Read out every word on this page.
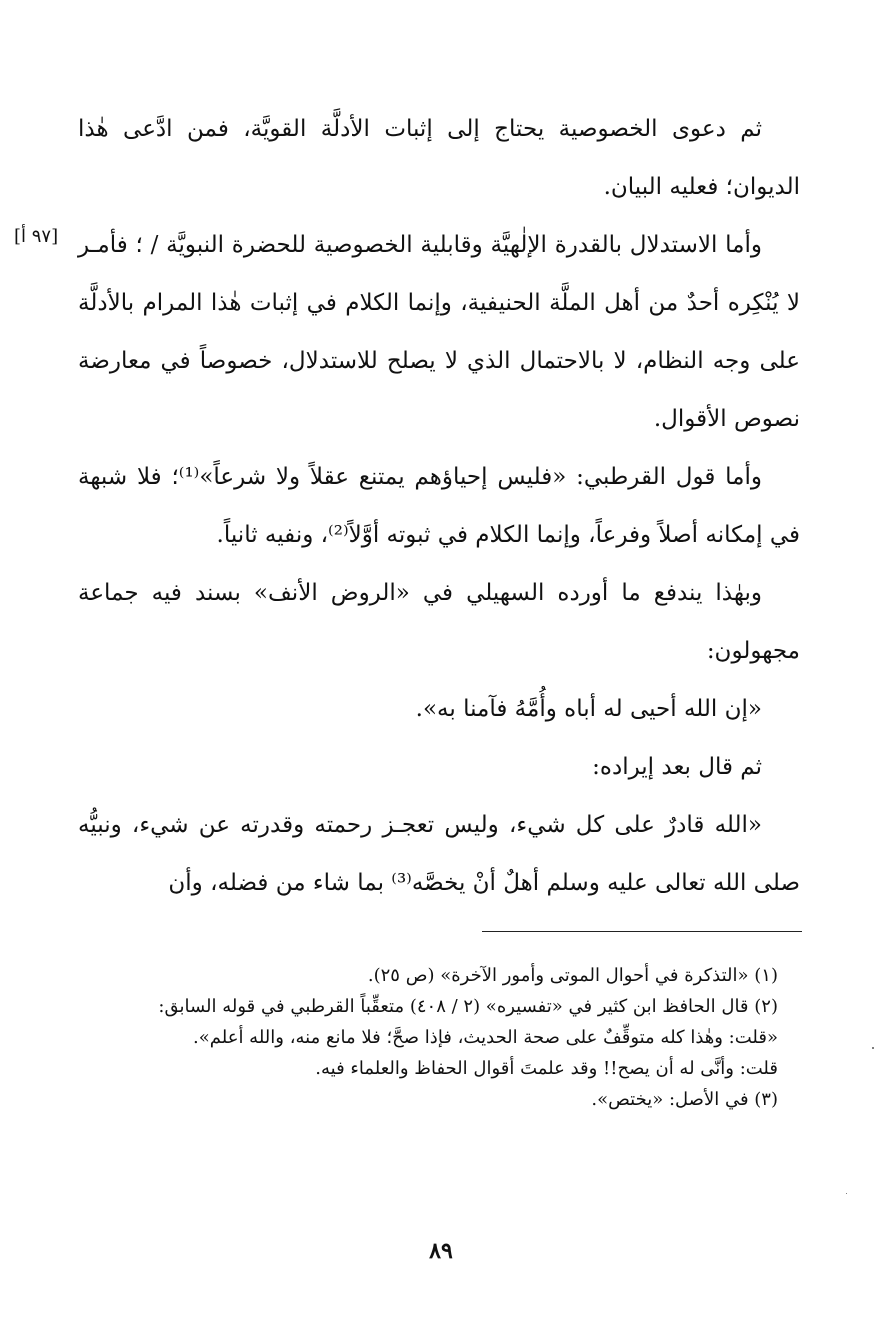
[٩٧ أ]

ثم دعوى الخصوصية يحتاج إلى إثبات الأدلَّة القويَّة، فمن ادَّعى هٰذا الديوان؛ فعليه البيان.

وأما الاستدلال بالقدرة الإلٰهيَّة وقابلية الخصوصية للحضرة النبويَّة / ؛ فأمـر لا يُنْكِره أحدٌ من أهل الملَّة الحنيفية، وإنما الكلام في إثبات هٰذا المرام بالأدلَّة على وجه النظام، لا بالاحتمال الذي لا يصلح للاستدلال، خصوصاً في معارضة نصوص الأقوال.

وأما قول القرطبي: «فليس إحياؤهم يمتنع عقلاً ولا شرعاً»⁽¹⁾؛ فلا شبهة في إمكانه أصلاً وفرعاً، وإنما الكلام في ثبوته أوَّلاً⁽²⁾، ونفيه ثانياً.

وبهٰذا يندفع ما أورده السهيلي في «الروض الأنف» بسند فيه جماعة مجهولون:

«إن الله أحيى له أباه وأُمَّهُ فآمنا به».

ثم قال بعد إيراده:

«الله قادرٌ على كل شيء، وليس تعجـز رحمته وقدرته عن شيء، ونبيُّه صلى الله تعالى عليه وسلم أهلٌ أنْ يخصَّه⁽³⁾ بما شاء من فضله، وأن

(١) «التذكرة في أحوال الموتى وأمور الآخرة» (ص ٢٥).

(٢) قال الحافظ ابن كثير في «تفسيره» (٢ / ٤٠٨) متعقِّباً القرطبي في قوله السابق:

«قلت: وهٰذا كله متوقِّفٌ على صحة الحديث، فإذا صحَّ؛ فلا مانع منه، والله أعلم».

قلت: وأنَّى له أن يصح!! وقد علمتَ أقوال الحفاظ والعلماء فيه.

(٣) في الأصل: «يختص».

٨٩
